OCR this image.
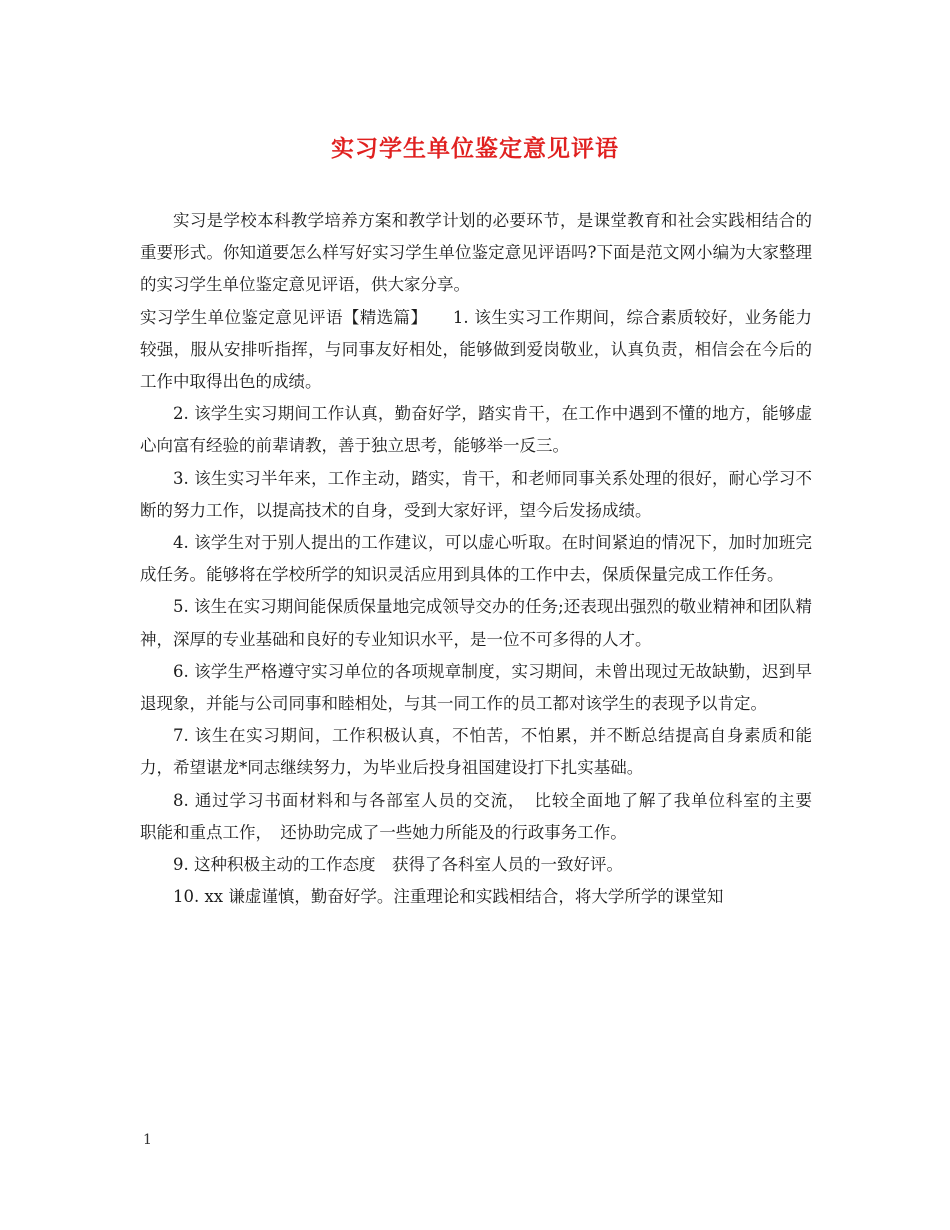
实习学生单位鉴定意见评语

实习是学校本科教学培养方案和教学计划的必要环节，是课堂教育和社会实践相结合的重要形式。你知道要怎么样写好实习学生单位鉴定意见评语吗?下面是范文网小编为大家整理的实习学生单位鉴定意见评语，供大家分享。

实习学生单位鉴定意见评语【精选篇】　　1. 该生实习工作期间，综合素质较好，业务能力较强，服从安排听指挥，与同事友好相处，能够做到爱岗敬业，认真负责，相信会在今后的工作中取得出色的成绩。

2. 该学生实习期间工作认真，勤奋好学，踏实肯干，在工作中遇到不懂的地方，能够虚心向富有经验的前辈请教，善于独立思考，能够举一反三。

3. 该生实习半年来，工作主动，踏实，肯干，和老师同事关系处理的很好，耐心学习不断的努力工作，以提高技术的自身，受到大家好评，望今后发扬成绩。

4. 该学生对于别人提出的工作建议，可以虚心听取。在时间紧迫的情况下，加时加班完成任务。能够将在学校所学的知识灵活应用到具体的工作中去，保质保量完成工作任务。

5. 该生在实习期间能保质保量地完成领导交办的任务;还表现出强烈的敬业精神和团队精神，深厚的专业基础和良好的专业知识水平，是一位不可多得的人才。

6. 该学生严格遵守实习单位的各项规章制度，实习期间，未曾出现过无故缺勤，迟到早退现象，并能与公司同事和睦相处，与其一同工作的员工都对该学生的表现予以肯定。

7. 该生在实习期间，工作积极认真，不怕苦，不怕累，并不断总结提高自身素质和能力，希望谌龙*同志继续努力，为毕业后投身祖国建设打下扎实基础。

8. 通过学习书面材料和与各部室人员的交流，　比较全面地了解了我单位科室的主要　职能和重点工作，　还协助完成了一些她力所能及的行政事务工作。

9. 这种积极主动的工作态度　获得了各科室人员的一致好评。

10. xx 谦虚谨慎，勤奋好学。注重理论和实践相结合，将大学所学的课堂知

1
